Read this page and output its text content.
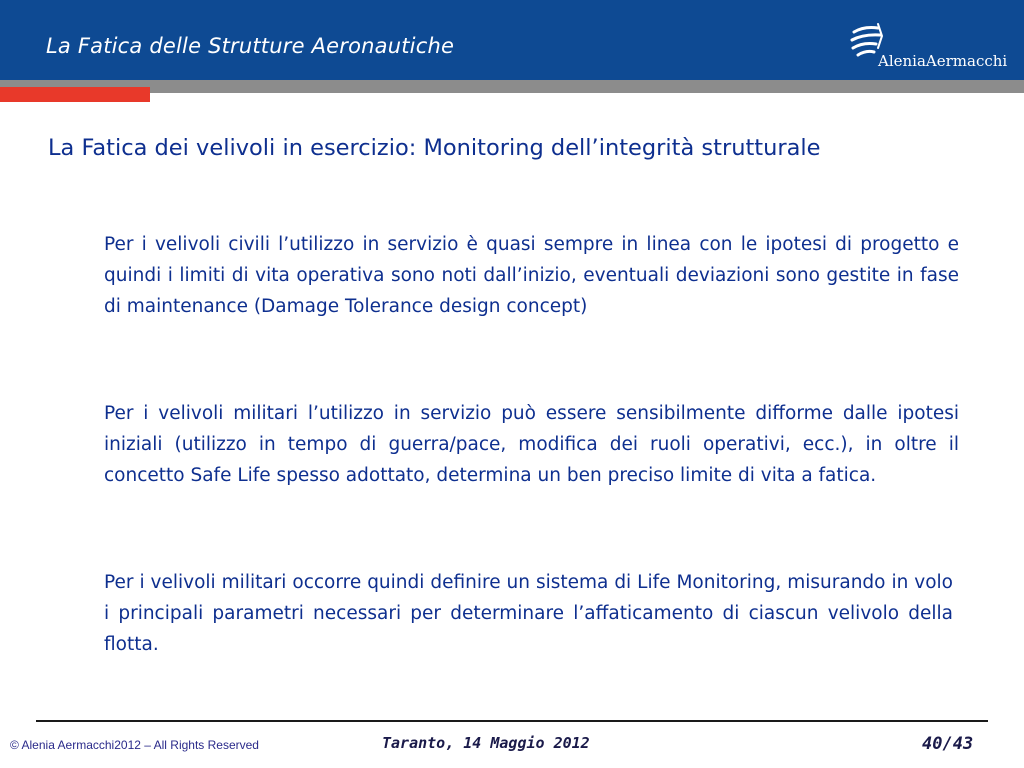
La Fatica delle Strutture Aeronautiche
AleniaAermacchi
La Fatica dei velivoli in esercizio: Monitoring dell’integrità strutturale

Per i velivoli civili l’utilizzo in servizio è quasi sempre in linea con le ipotesi di progetto e quindi i limiti di vita operativa sono noti dall’inizio, eventuali deviazioni sono gestite in fase di maintenance (Damage Tolerance design concept)

Per i velivoli militari l’utilizzo in servizio può essere sensibilmente difforme dalle ipotesi iniziali (utilizzo in tempo di guerra/pace, modifica dei ruoli operativi, ecc.), in oltre il concetto Safe Life spesso adottato, determina un ben preciso limite di vita a fatica.

Per i velivoli militari occorre quindi definire un sistema di Life Monitoring, misurando in volo i principali parametri necessari per determinare l’affaticamento di ciascun velivolo della flotta.

© Alenia Aermacchi2012 – All Rights Reserved	Taranto, 14 Maggio 2012	40/43
